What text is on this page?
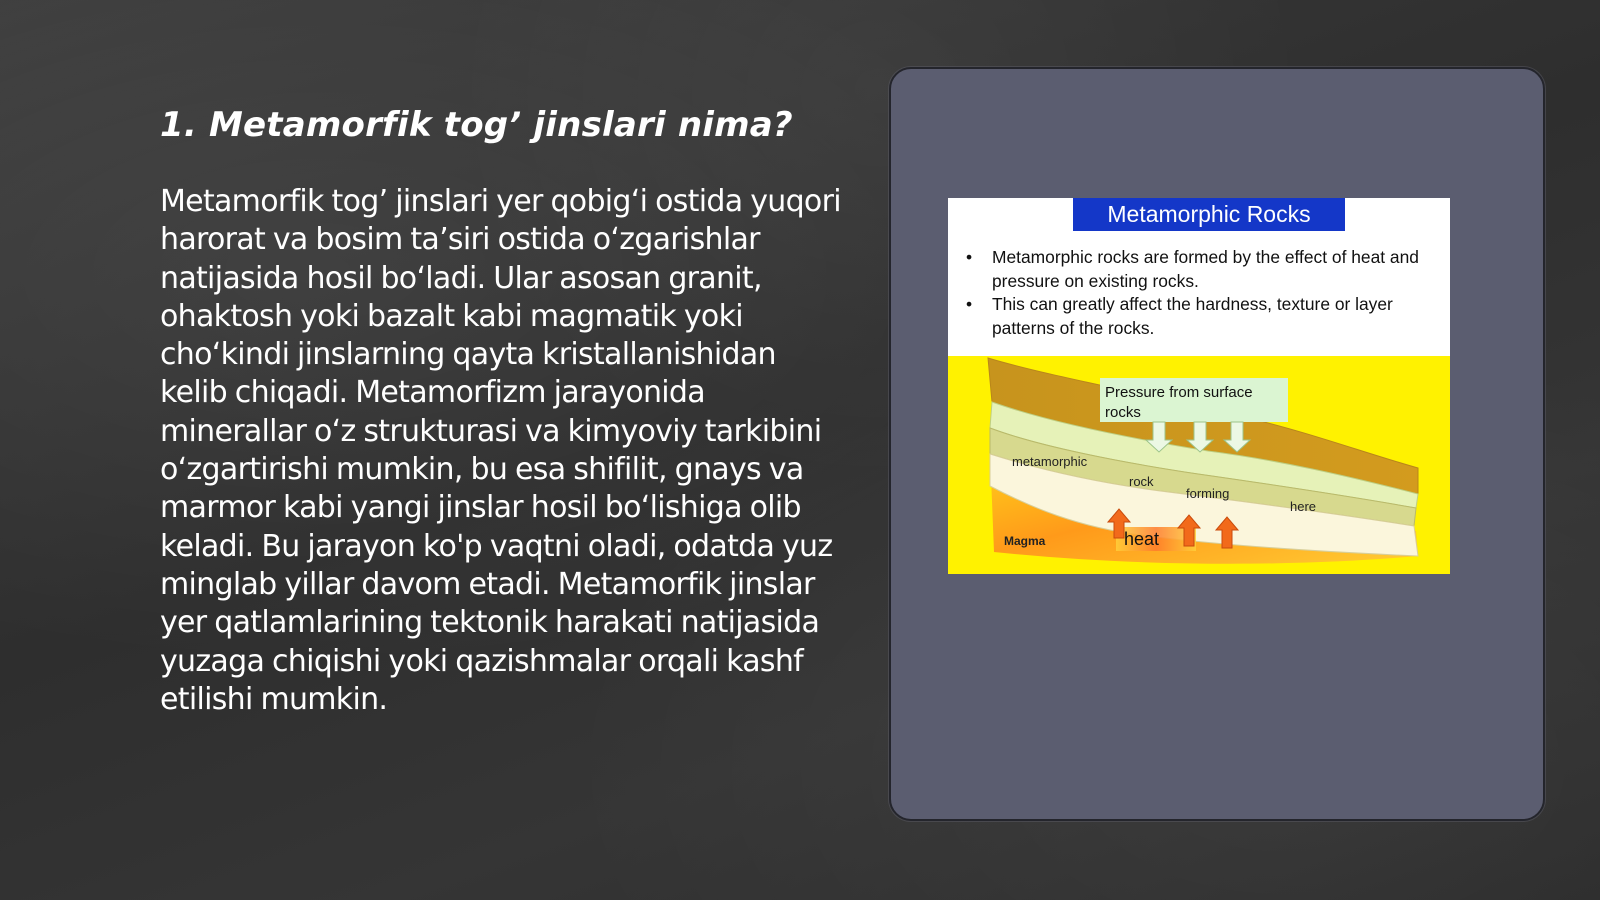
1. Metamorfik tog’ jinslari nima?

Metamorfik tog’ jinslari yer qobig‘i ostida yuqori harorat va bosim ta’siri ostida o‘zgarishlar natijasida hosil bo‘ladi. Ular asosan granit, ohaktosh yoki bazalt kabi magmatik yoki cho‘kindi jinslarning qayta kristallanishidan kelib chiqadi. Metamorfizm jarayonida minerallar o‘z strukturasi va kimyoviy tarkibini o‘zgartirishi mumkin, bu esa shifilit, gnays va marmor kabi yangi jinslar hosil bo‘lishiga olib keladi. Bu jarayon ko'p vaqtni oladi, odatda yuz minglab yillar davom etadi. Metamorfik jinslar yer qatlamlarining tektonik harakati natijasida yuzaga chiqishi yoki qazishmalar orqali kashf etilishi mumkin.

Metamorphic Rocks
• Metamorphic rocks are formed by the effect of heat and pressure on existing rocks.
• This can greatly affect the hardness, texture or layer patterns of the rocks.
Pressure from surface
rocks
metamorphic
rock
forming
here
heat
Magma
